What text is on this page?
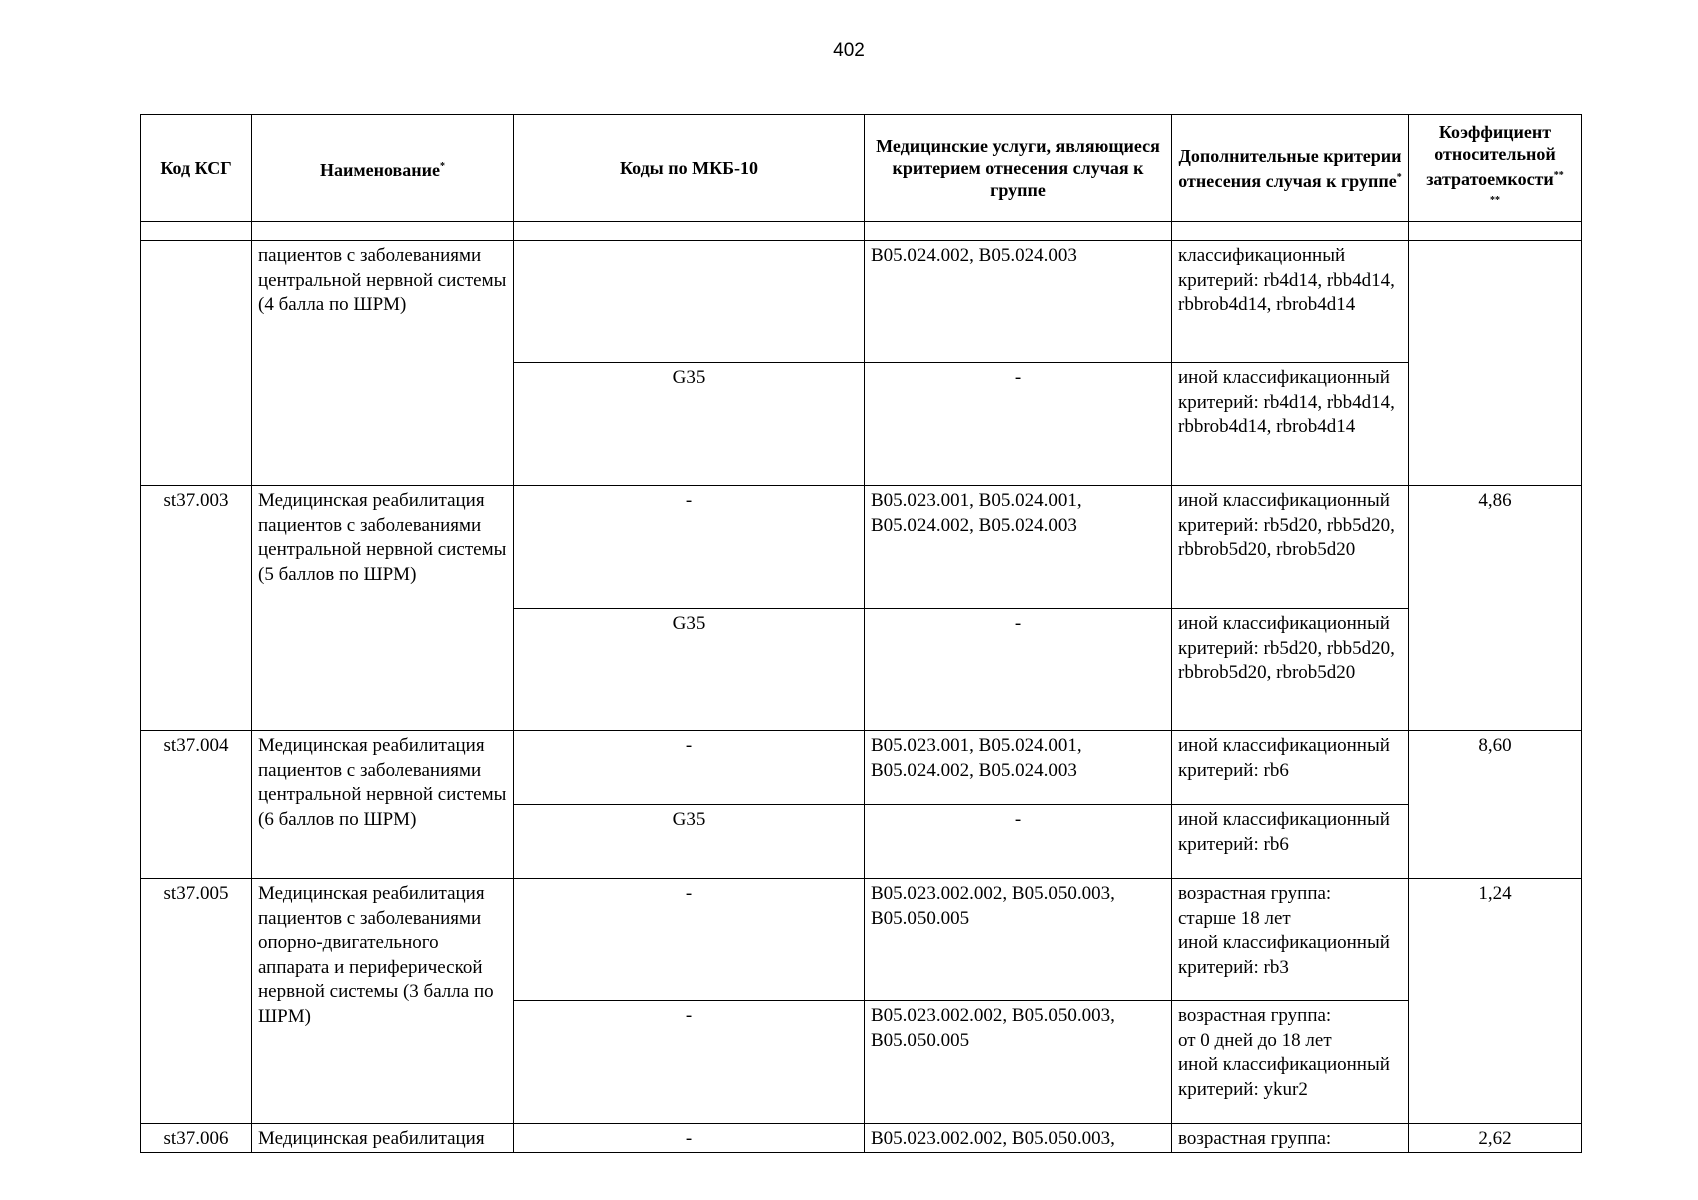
402
Код КСГ	Наименование*	Коды по МКБ-10	Медицинские услуги, являющиеся критерием отнесения случая к группе	Дополнительные критерии отнесения случая к группе*	Коэффициент относительной затратоемкости**
**

	пациентов с заболеваниями центральной нервной системы (4 балла по ШРМ)		B05.024.002, B05.024.003	классификационный критерий: rb4d14, rbb4d14, rbbrob4d14, rbrob4d14	
		G35	-	иной классификационный критерий: rb4d14, rbb4d14, rbbrob4d14, rbrob4d14	
st37.003	Медицинская реабилитация пациентов с заболеваниями центральной нервной системы (5 баллов по ШРМ)	-	B05.023.001, B05.024.001, B05.024.002, B05.024.003	иной классификационный критерий: rb5d20, rbb5d20, rbbrob5d20, rbrob5d20	4,86
		G35	-	иной классификационный критерий: rb5d20, rbb5d20, rbbrob5d20, rbrob5d20	
st37.004	Медицинская реабилитация пациентов с заболеваниями центральной нервной системы (6 баллов по ШРМ)	-	B05.023.001, B05.024.001, B05.024.002, B05.024.003	иной классификационный критерий: rb6	8,60
		G35	-	иной классификационный критерий: rb6	
st37.005	Медицинская реабилитация пациентов с заболеваниями опорно-двигательного аппарата и периферической нервной системы (3 балла по ШРМ)	-	B05.023.002.002, B05.050.003, B05.050.005	возрастная группа:
старше 18 лет
иной классификационный критерий: rb3	1,24
		-	B05.023.002.002, B05.050.003, B05.050.005	возрастная группа:
от 0 дней до 18 лет
иной классификационный критерий: ykur2	
st37.006	Медицинская реабилитация	-	B05.023.002.002, B05.050.003,	возрастная группа:	2,62
